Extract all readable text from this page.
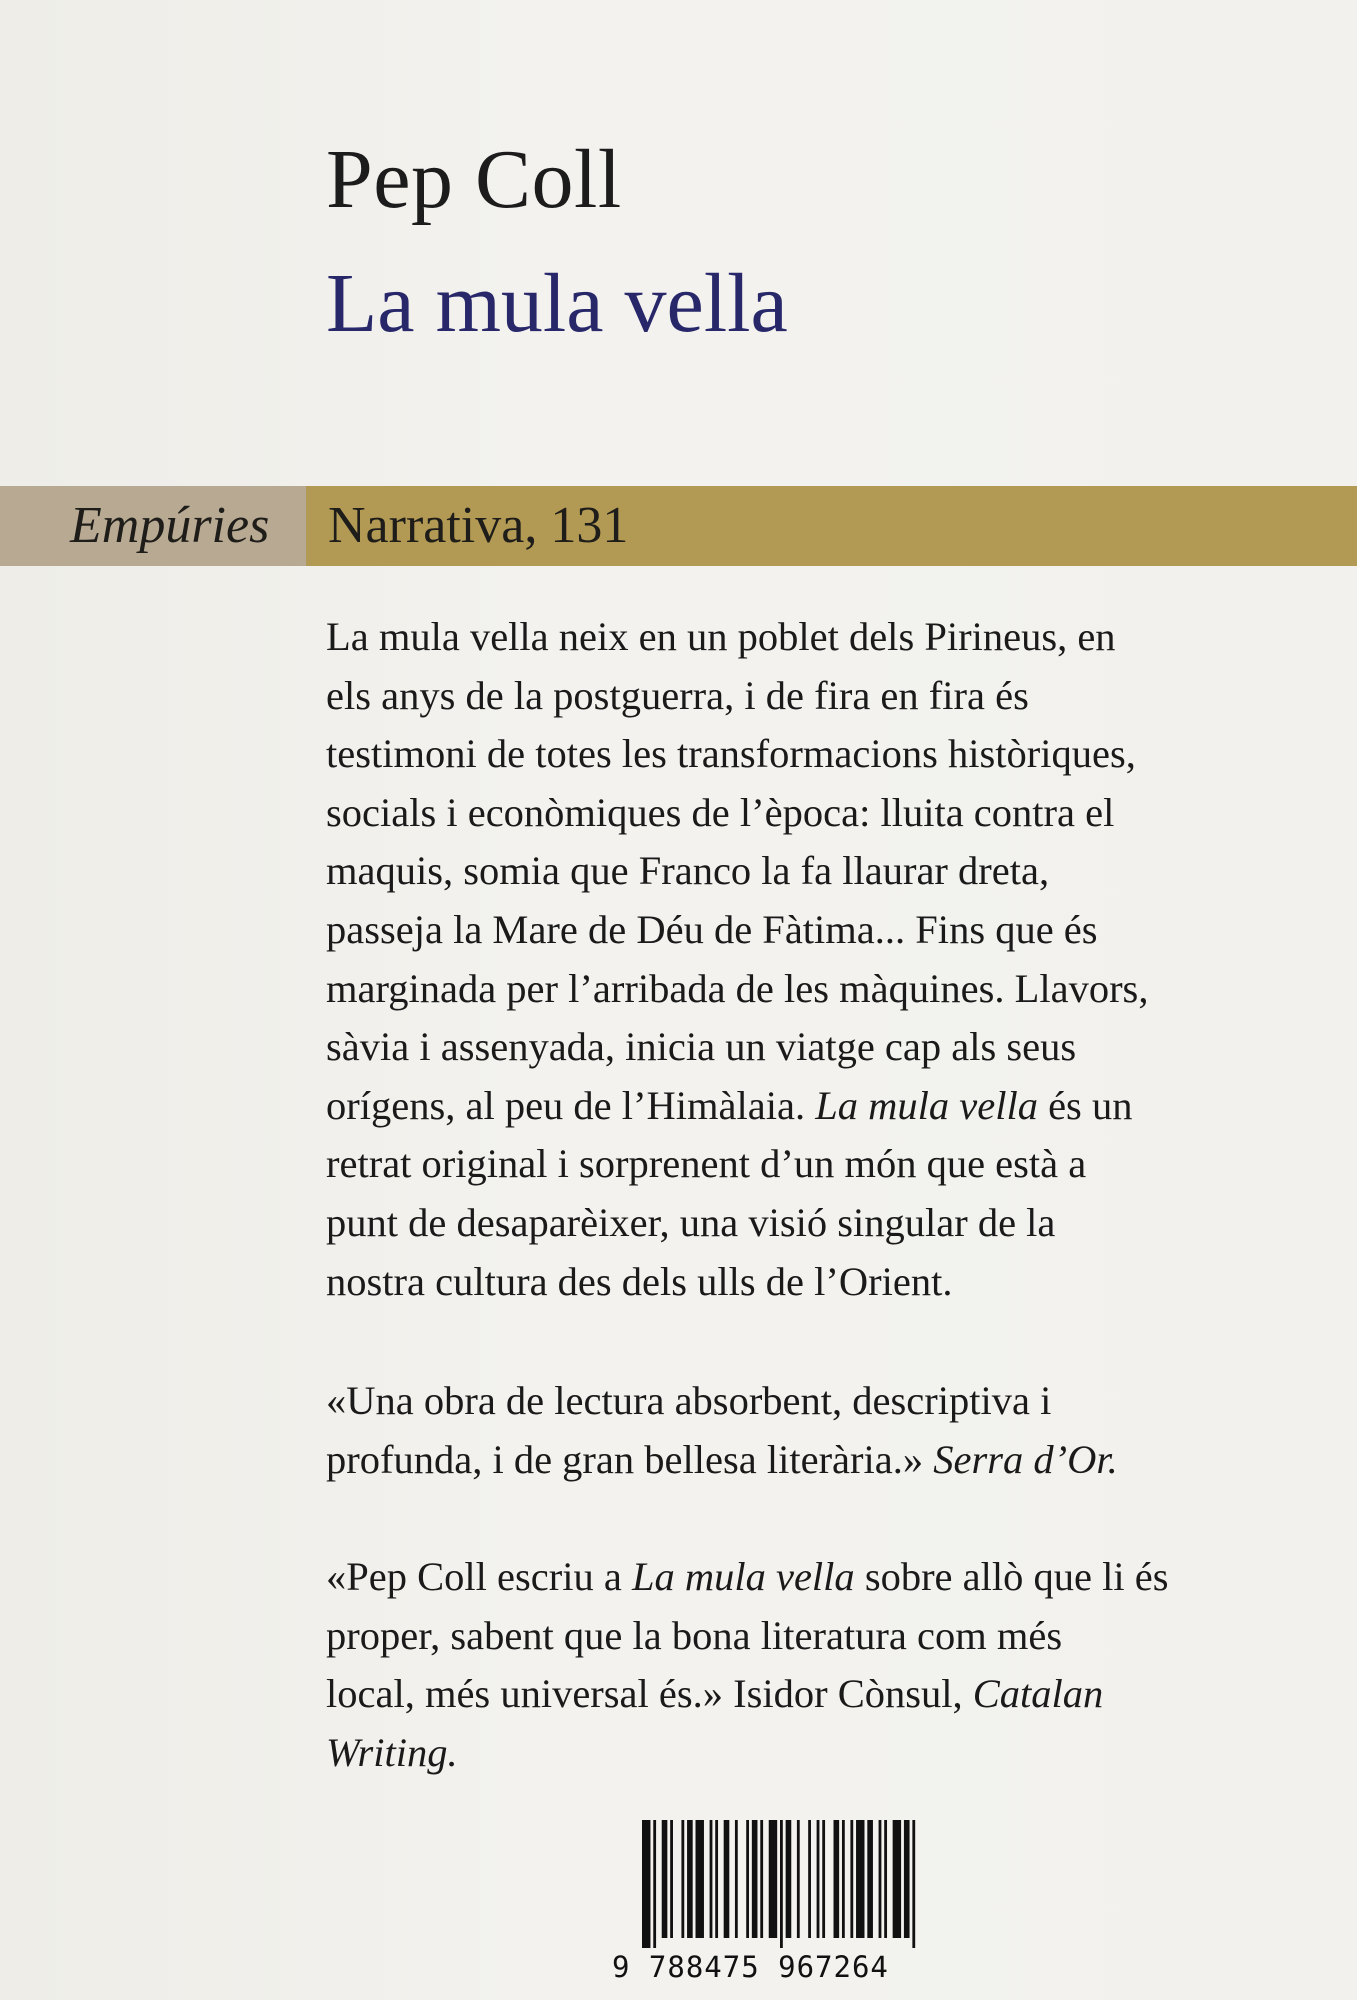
Pep Coll
La mula vella
Empúries Narrativa, 131

La mula vella neix en un poblet dels Pirineus, en

els anys de la postguerra, i de fira en fira és

testimoni de totes les transformacions històriques,

socials i econòmiques de l’època: lluita contra el

maquis, somia que Franco la fa llaurar dreta,

passeja la Mare de Déu de Fàtima... Fins que és

marginada per l’arribada de les màquines. Llavors,

sàvia i assenyada, inicia un viatge cap als seus

orígens, al peu de l’Himàlaia. La mula vella és un

retrat original i sorprenent d’un món que està a

punt de desaparèixer, una visió singular de la

nostra cultura des dels ulls de l’Orient.

«Una obra de lectura absorbent, descriptiva i

profunda, i de gran bellesa literària.» Serra d’Or.

«Pep Coll escriu a La mula vella sobre allò que li és

proper, sabent que la bona literatura com més

local, més universal és.» Isidor Cònsul, Catalan

Writing.

9 788475 967264
